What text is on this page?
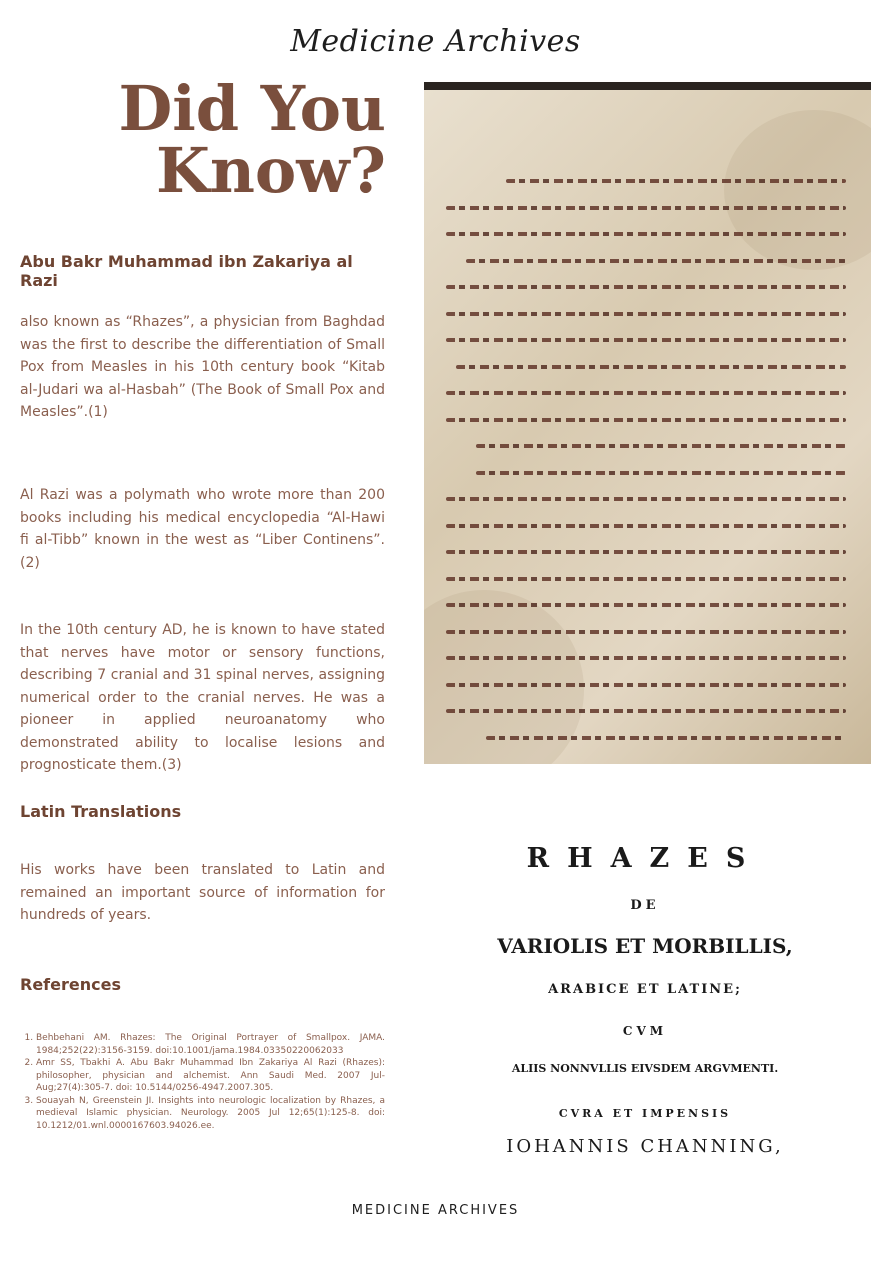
Medicine Archives
Did You
Know?
Abu Bakr Muhammad ibn Zakariya al Razi
also known as “Rhazes”, a physician from Baghdad was the first to describe the differentiation of Small Pox from Measles in his 10th century book “Kitab al-Judari wa al-Hasbah” (The Book of Small Pox and Measles”.(1)
Al Razi was a polymath who wrote more than 200 books including his medical encyclopedia “Al-Hawi fi al-Tibb” known in the west as “Liber Continens”.(2)
In the 10th century AD, he is known to have stated that nerves have motor or sensory functions, describing 7 cranial and 31 spinal nerves, assigning numerical order to the cranial nerves. He was a pioneer in applied neuroanatomy who demonstrated ability to localise lesions and prognosticate them.(3)
Latin Translations
His works have been translated to Latin and remained an important source of information for hundreds of years.
References
1. Behbehani AM. Rhazes: The Original Portrayer of Smallpox. JAMA. 1984;252(22):3156-3159. doi:10.1001/jama.1984.03350220062033
2. Amr SS, Tbakhi A. Abu Bakr Muhammad Ibn Zakariya Al Razi (Rhazes): philosopher, physician and alchemist. Ann Saudi Med. 2007 Jul-Aug;27(4):305-7. doi: 10.5144/0256-4947.2007.305.
3. Souayah N, Greenstein JI. Insights into neurologic localization by Rhazes, a medieval Islamic physician. Neurology. 2005 Jul 12;65(1):125-8. doi: 10.1212/01.wnl.0000167603.94026.ee.
RHAZES
DE
VARIOLIS ET MORBILLIS,
ARABICE ET LATINE;
CVM
ALIIS NONNVLLIS EIVSDEM ARGVMENTI.
CVRA ET IMPENSIS
IOHANNIS CHANNING,
MEDICINE ARCHIVES
